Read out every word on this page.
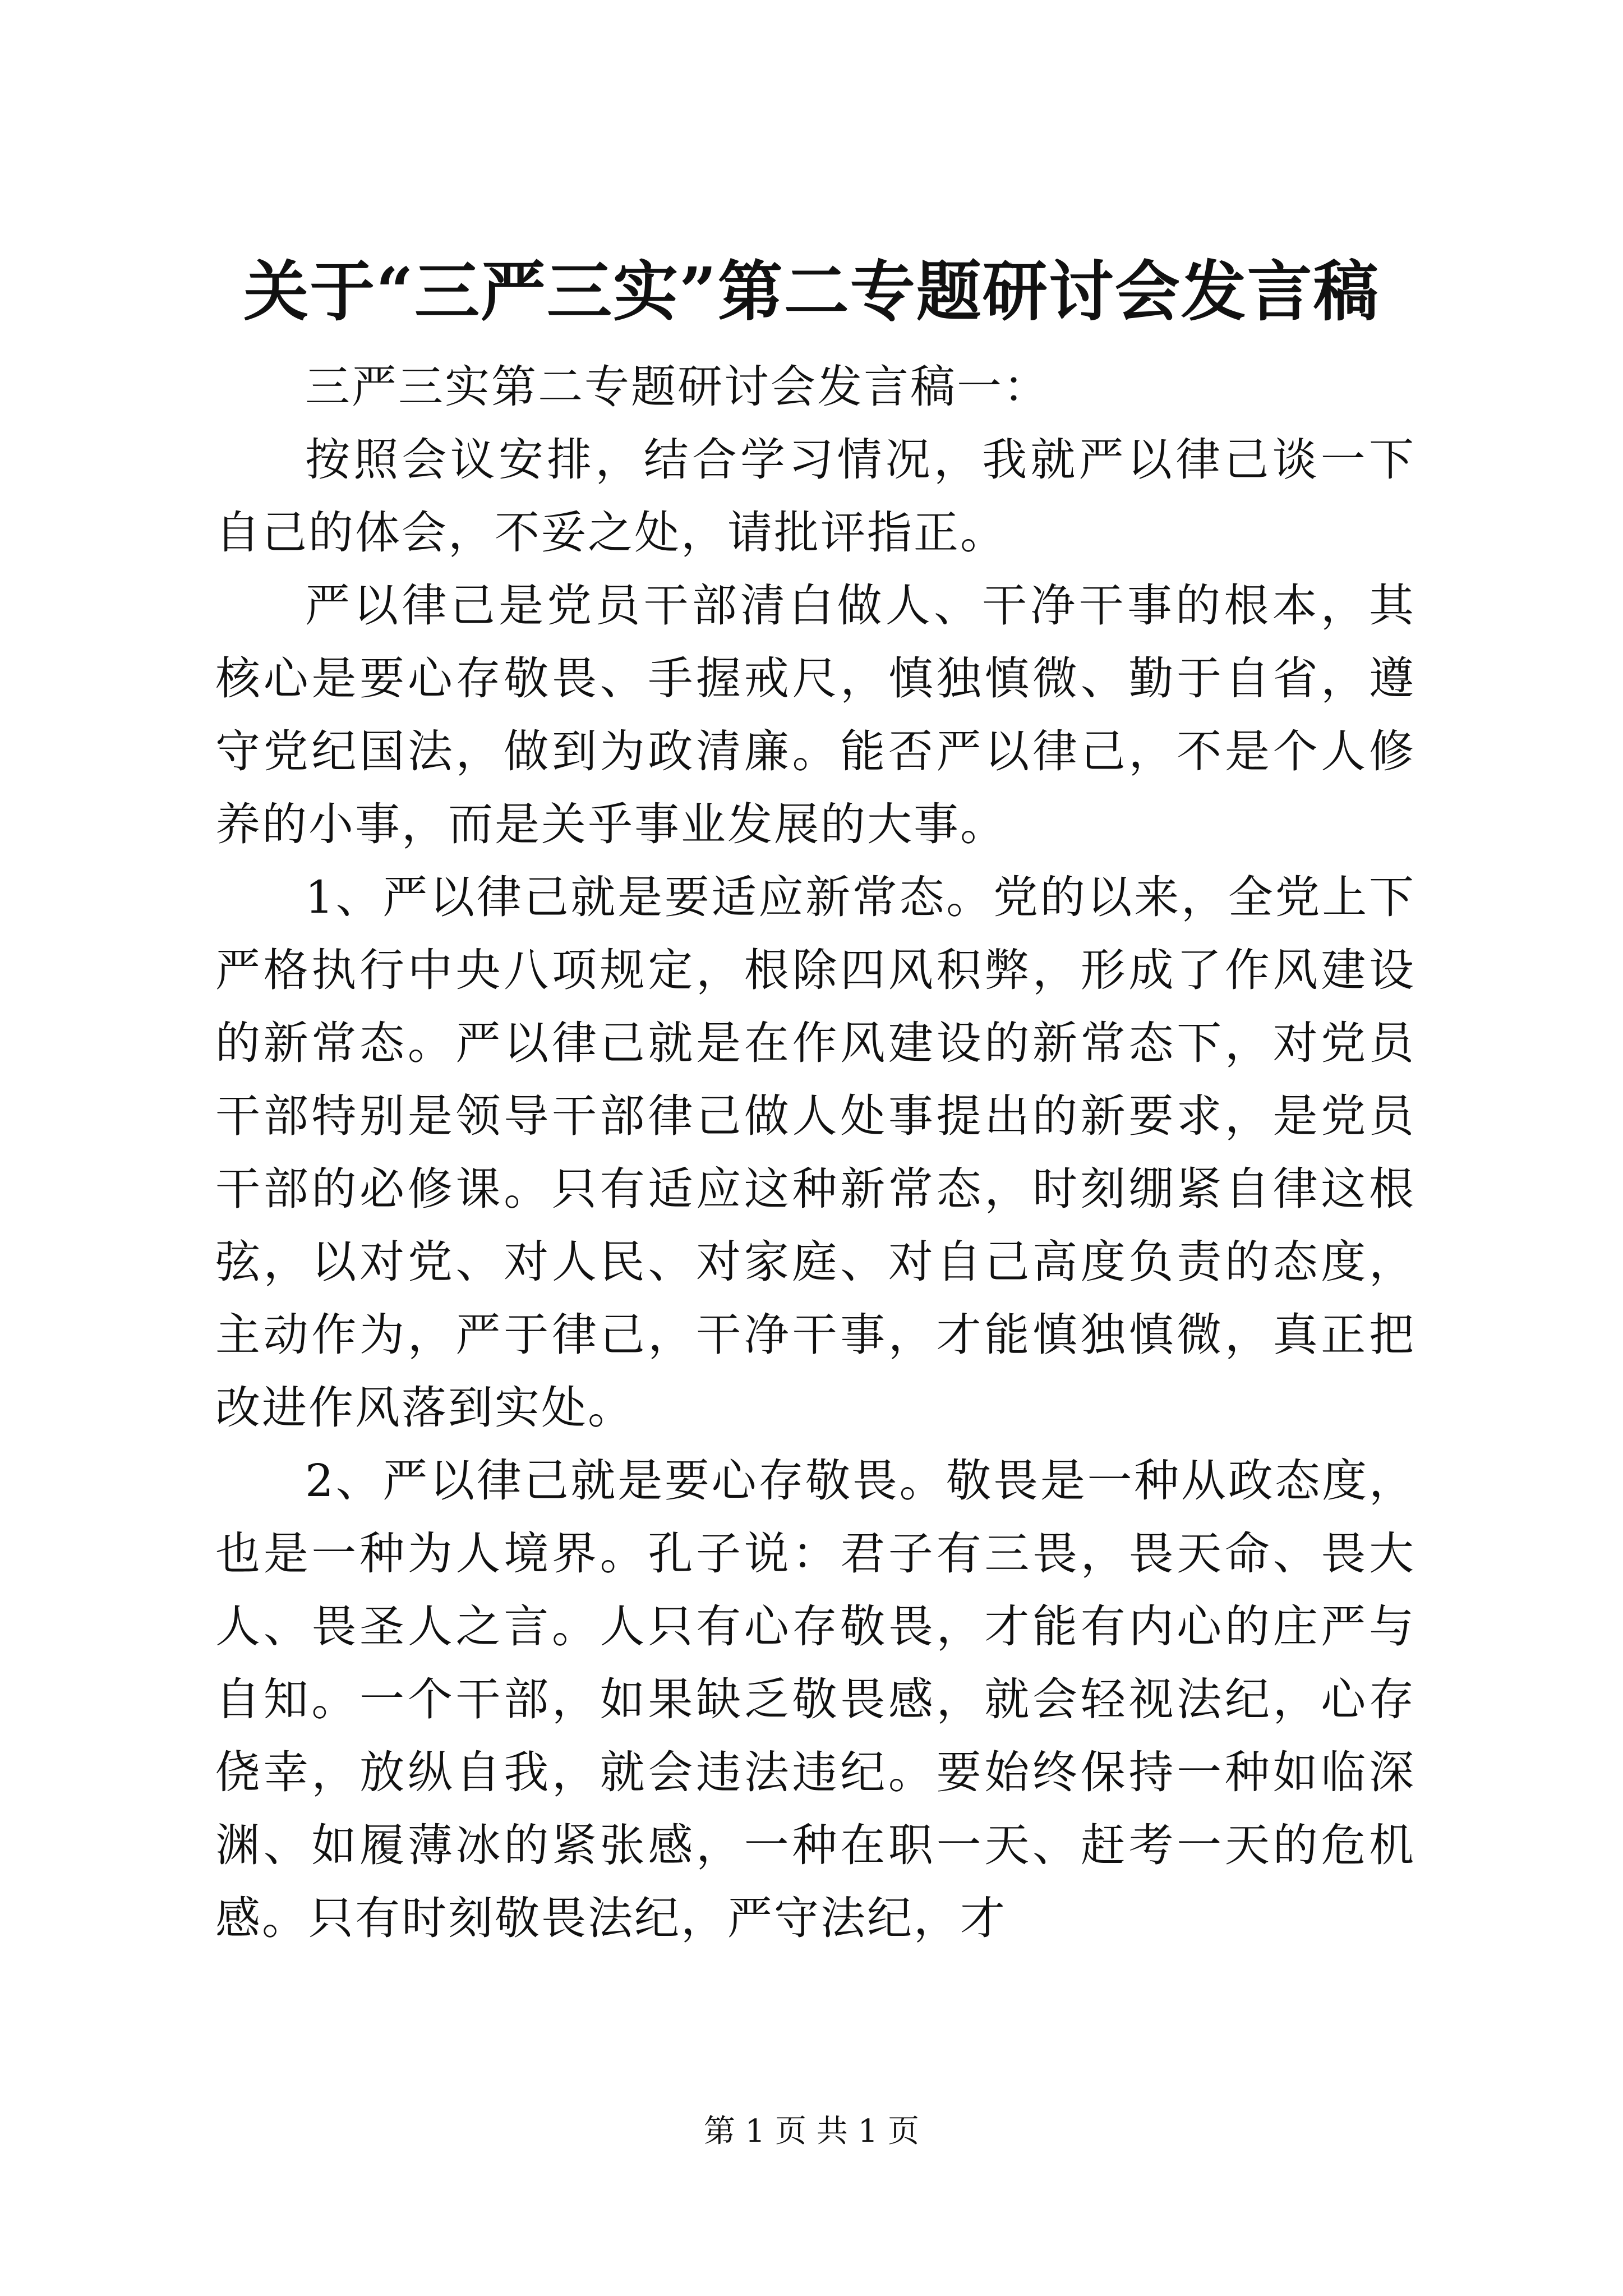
关于“三严三实”第二专题研讨会发言稿

三严三实第二专题研讨会发言稿一：

按照会议安排，结合学习情况，我就严以律己谈一下自己的体会，不妥之处，请批评指正。

严以律己是党员干部清白做人、干净干事的根本，其核心是要心存敬畏、手握戒尺，慎独慎微、勤于自省，遵守党纪国法，做到为政清廉。能否严以律己，不是个人修养的小事，而是关乎事业发展的大事。

1、严以律己就是要适应新常态。党的以来，全党上下严格执行中央八项规定，根除四风积弊，形成了作风建设的新常态。严以律己就是在作风建设的新常态下，对党员干部特别是领导干部律己做人处事提出的新要求，是党员干部的必修课。只有适应这种新常态，时刻绷紧自律这根弦，以对党、对人民、对家庭、对自己高度负责的态度，主动作为，严于律己，干净干事，才能慎独慎微，真正把改进作风落到实处。

2、严以律己就是要心存敬畏。敬畏是一种从政态度，也是一种为人境界。孔子说：君子有三畏，畏天命、畏大人、畏圣人之言。人只有心存敬畏，才能有内心的庄严与自知。一个干部，如果缺乏敬畏感，就会轻视法纪，心存侥幸，放纵自我，就会违法违纪。要始终保持一种如临深渊、如履薄冰的紧张感，一种在职一天、赶考一天的危机感。只有时刻敬畏法纪，严守法纪，才

第 1 页 共 1 页
